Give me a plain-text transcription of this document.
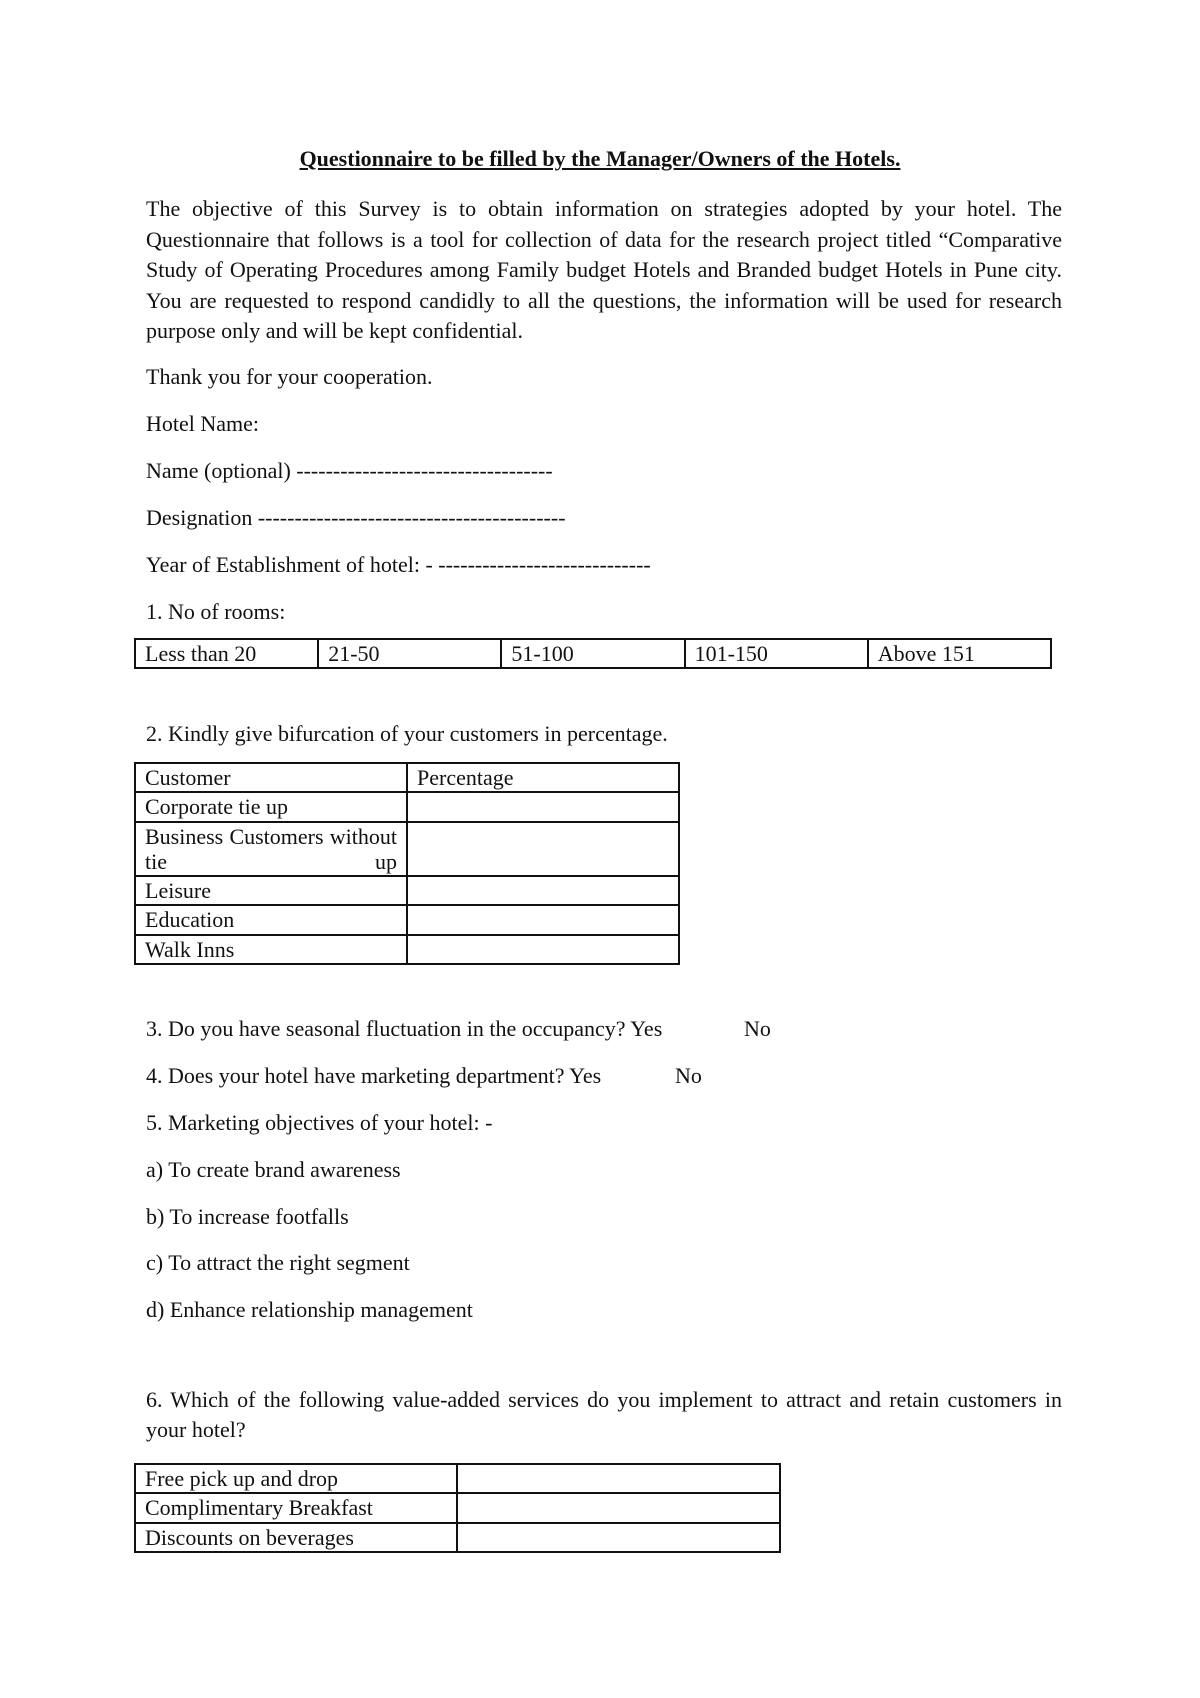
Questionnaire to be filled by the Manager/Owners of the Hotels.
The objective of this Survey is to obtain information on strategies adopted by your hotel. The Questionnaire that follows is a tool for collection of data for the research project titled “Comparative Study of Operating Procedures among Family budget Hotels and Branded budget Hotels in Pune city. You are requested to respond candidly to all the questions, the information will be used for research purpose only and will be kept confidential.
Thank you for your cooperation.
Hotel Name:
Name (optional) -----------------------------------
Designation ------------------------------------------
Year of Establishment of hotel: - -----------------------------
1. No of rooms:
Less than 20	21-50	51-100	101-150	Above 151
2. Kindly give bifurcation of your customers in percentage.
Customer	Percentage
Corporate tie up	
Business Customers without tie up	
Leisure	
Education	
Walk Inns	
3. Do you have seasonal fluctuation in the occupancy? Yes	No
4. Does your hotel have marketing department? Yes	No
5. Marketing objectives of your hotel: -
a) To create brand awareness
b) To increase footfalls
c) To attract the right segment
d) Enhance relationship management
6. Which of the following value-added services do you implement to attract and retain customers in your hotel?
Free pick up and drop	
Complimentary Breakfast	
Discounts on beverages	
